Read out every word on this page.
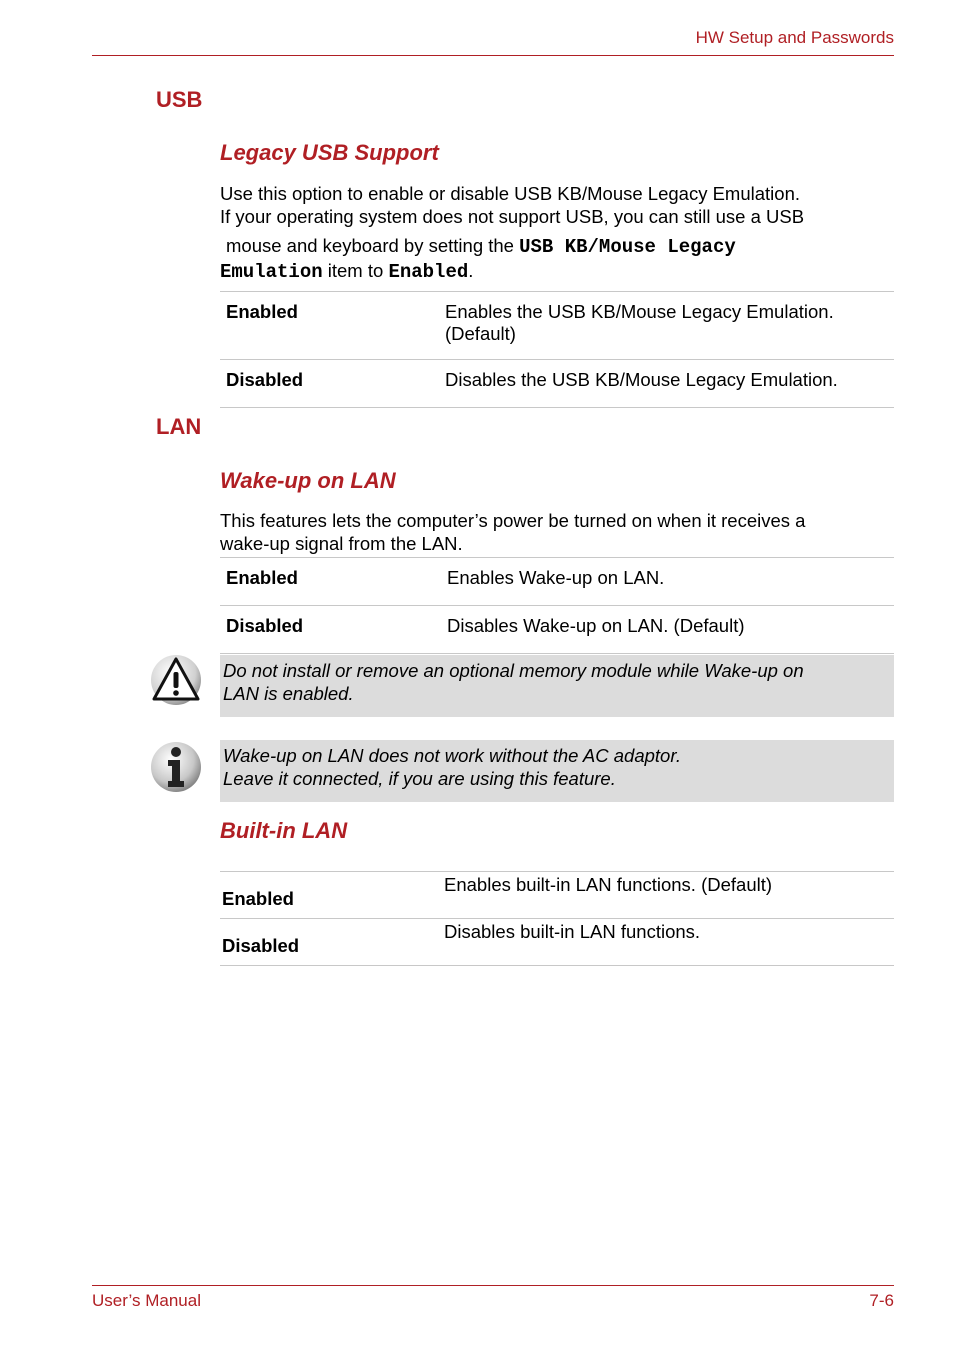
HW Setup and Passwords
USB
Legacy USB Support
Use this option to enable or disable USB KB/Mouse Legacy Emulation.
If your operating system does not support USB, you can still use a USB
mouse and keyboard by setting the USB KB/Mouse Legacy
Emulation item to Enabled.
Enabled	Enables the USB KB/Mouse Legacy Emulation.
(Default)

Disabled	Disables the USB KB/Mouse Legacy Emulation.
LAN
Wake-up on LAN
This features lets the computer’s power be turned on when it receives a
wake-up signal from the LAN.
Enabled	Enables Wake-up on LAN.
Disabled	Disables Wake-up on LAN. (Default)
Do not install or remove an optional memory module while Wake-up on
LAN is enabled.
Wake-up on LAN does not work without the AC adaptor.
Leave it connected, if you are using this feature.
Built-in LAN
Enabled	Enables built-in LAN functions. (Default)
Disabled	Disables built-in LAN functions.
User’s Manual	7-6
